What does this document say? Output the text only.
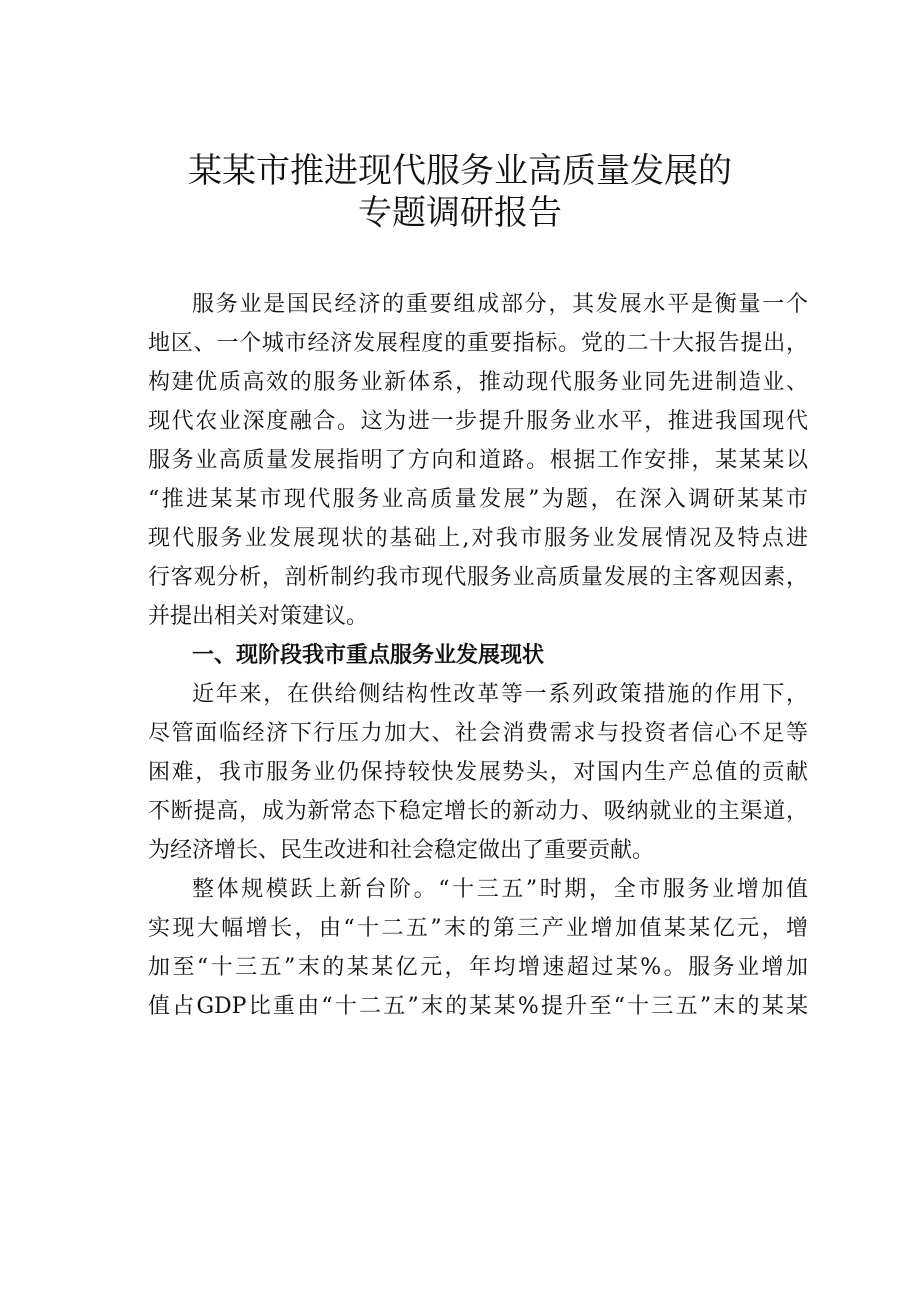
某某市推进现代服务业高质量发展的
专题调研报告
服务业是国民经济的重要组成部分，其发展水平是衡量一个
地区、一个城市经济发展程度的重要指标。党的二十大报告提出，
构建优质高效的服务业新体系，推动现代服务业同先进制造业、
现代农业深度融合。这为进一步提升服务业水平，推进我国现代
服务业高质量发展指明了方向和道路。根据工作安排，某某某以
“推进某某市现代服务业高质量发展”为题，在深入调研某某市
现代服务业发展现状的基础上,对我市服务业发展情况及特点进
行客观分析，剖析制约我市现代服务业高质量发展的主客观因素，
并提出相关对策建议。
一、现阶段我市重点服务业发展现状
近年来，在供给侧结构性改革等一系列政策措施的作用下，
尽管面临经济下行压力加大、社会消费需求与投资者信心不足等
困难，我市服务业仍保持较快发展势头，对国内生产总值的贡献
不断提高，成为新常态下稳定增长的新动力、吸纳就业的主渠道，
为经济增长、民生改进和社会稳定做出了重要贡献。
整体规模跃上新台阶。“十三五”时期，全市服务业增加值
实现大幅增长，由“十二五”末的第三产业增加值某某亿元，增
加至“十三五”末的某某亿元，年均增速超过某%。服务业增加
值占GDP比重由“十二五”末的某某%提升至“十三五”末的某某
